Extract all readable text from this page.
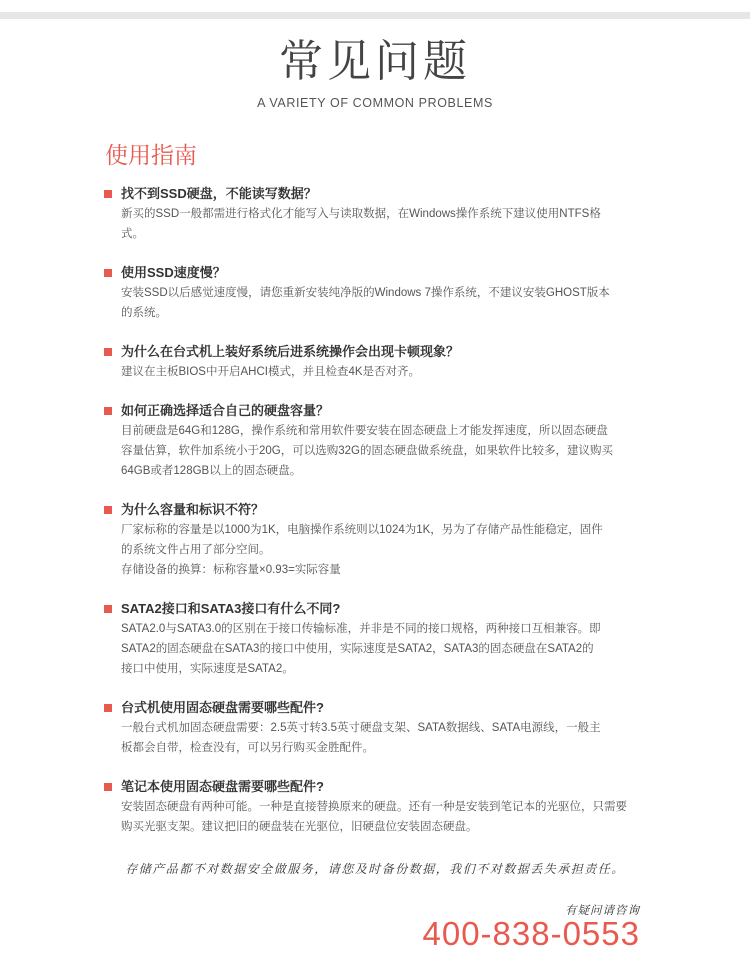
常见问题
A VARIETY OF COMMON PROBLEMS
使用指南
找不到SSD硬盘，不能读写数据？
新买的SSD一般都需进行格式化才能写入与读取数据，在Windows操作系统下建议使用NTFS格
式。
使用SSD速度慢？
安装SSD以后感觉速度慢，请您重新安装纯净版的Windows 7操作系统，不建议安装GHOST版本
的系统。
为什么在台式机上装好系统后进系统操作会出现卡顿现象？
建议在主板BIOS中开启AHCI模式，并且检查4K是否对齐。
如何正确选择适合自己的硬盘容量？
目前硬盘是64G和128G，操作系统和常用软件要安装在固态硬盘上才能发挥速度，所以固态硬盘
容量估算，软件加系统小于20G，可以选购32G的固态硬盘做系统盘，如果软件比较多，建议购买
64GB或者128GB以上的固态硬盘。
为什么容量和标识不符？
厂家标称的容量是以1000为1K，电脑操作系统则以1024为1K，另为了存储产品性能稳定，固件
的系统文件占用了部分空间。
存储设备的换算：标称容量×0.93=实际容量
SATA2接口和SATA3接口有什么不同?
SATA2.0与SATA3.0的区别在于接口传输标准，并非是不同的接口规格，两种接口互相兼容。即
SATA2的固态硬盘在SATA3的接口中使用，实际速度是SATA2，SATA3的固态硬盘在SATA2的
接口中使用，实际速度是SATA2。
台式机使用固态硬盘需要哪些配件?
一般台式机加固态硬盘需要：2.5英寸转3.5英寸硬盘支架、SATA数据线、SATA电源线，一般主
板都会自带，检查没有，可以另行购买金胜配件。
笔记本使用固态硬盘需要哪些配件?
安装固态硬盘有两种可能。一种是直接替换原来的硬盘。还有一种是安装到笔记本的光驱位，只需要
购买光驱支架。建议把旧的硬盘装在光驱位，旧硬盘位安装固态硬盘。
存储产品都不对数据安全做服务，请您及时备份数据，我们不对数据丢失承担责任。
有疑问请咨询
400-838-0553
